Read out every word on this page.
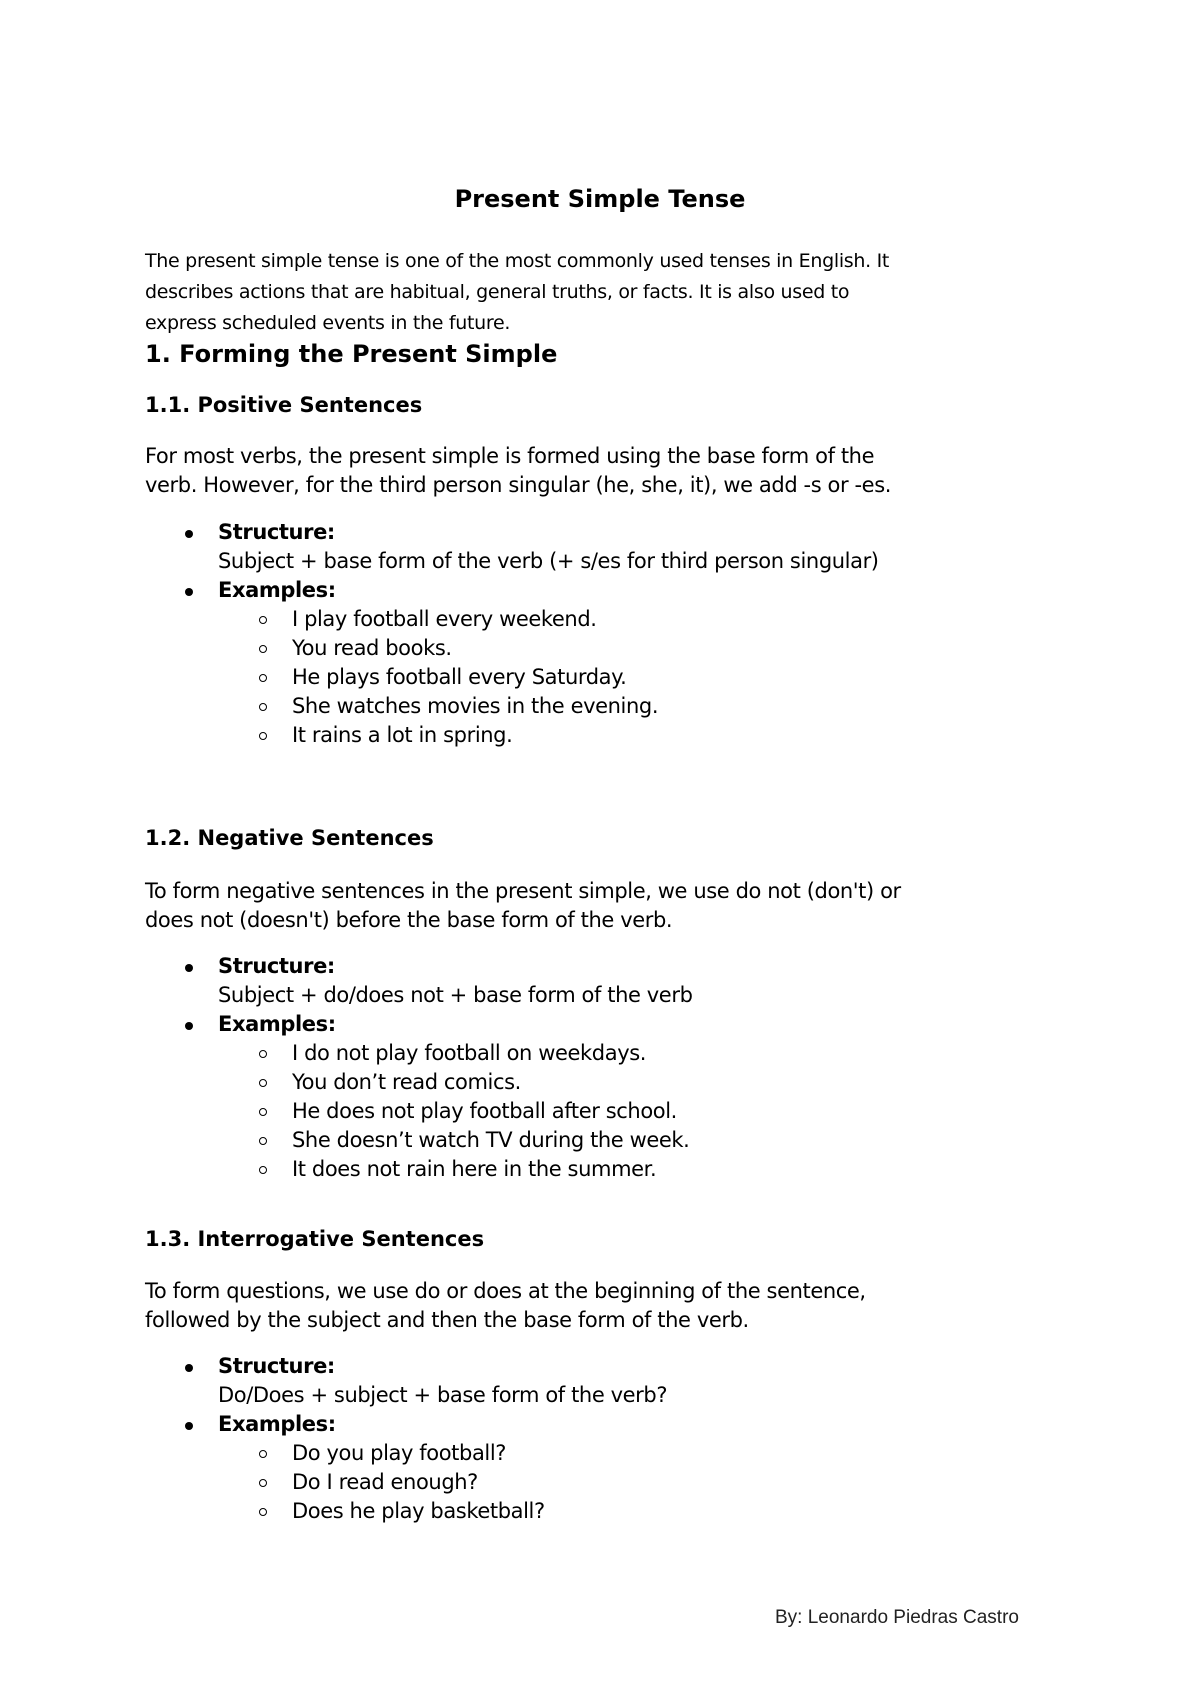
Present Simple Tense
The present simple tense is one of the most commonly used tenses in English. It
describes actions that are habitual, general truths, or facts. It is also used to
express scheduled events in the future.
1. Forming the Present Simple
1.1. Positive Sentences
For most verbs, the present simple is formed using the base form of the
verb. However, for the third person singular (he, she, it), we add -s or -es.
Structure:
Subject + base form of the verb (+ s/es for third person singular)
Examples:
I play football every weekend.
You read books.
He plays football every Saturday.
She watches movies in the evening.
It rains a lot in spring.
1.2. Negative Sentences
To form negative sentences in the present simple, we use do not (don't) or
does not (doesn't) before the base form of the verb.
Structure:
Subject + do/does not + base form of the verb
Examples:
I do not play football on weekdays.
You don’t read comics.
He does not play football after school.
She doesn’t watch TV during the week.
It does not rain here in the summer.
1.3. Interrogative Sentences
To form questions, we use do or does at the beginning of the sentence,
followed by the subject and then the base form of the verb.
Structure:
Do/Does + subject + base form of the verb?
Examples:
Do you play football?
Do I read enough?
Does he play basketball?
By: Leonardo Piedras Castro
